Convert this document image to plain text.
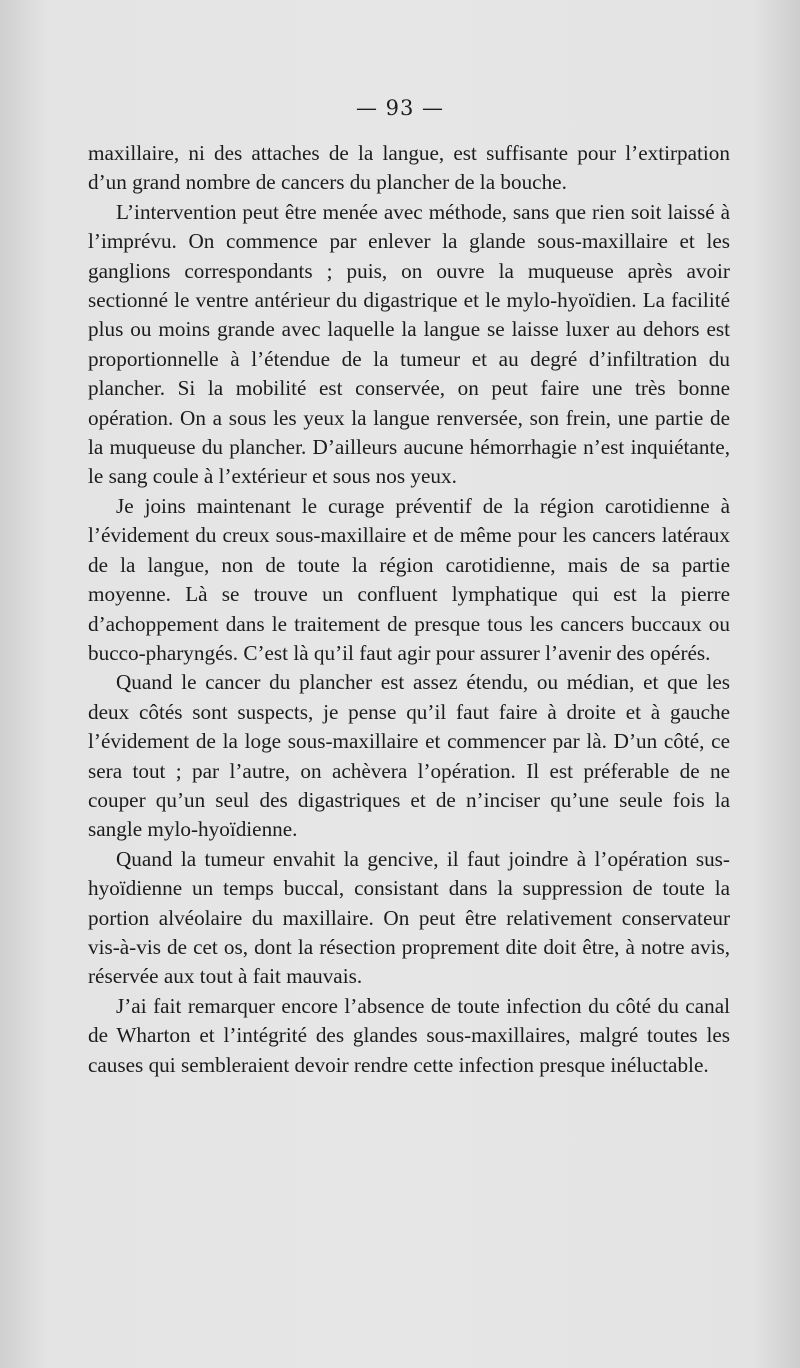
— 93 —

maxillaire, ni des attaches de la langue, est suffisante pour l’extirpation d’un grand nombre de cancers du plancher de la bouche.

L’intervention peut être menée avec méthode, sans que rien soit laissé à l’imprévu. On commence par enlever la glande sous-maxillaire et les ganglions correspondants ; puis, on ouvre la muqueuse après avoir sectionné le ventre antérieur du digastrique et le mylo-hyoïdien. La facilité plus ou moins grande avec laquelle la langue se laisse luxer au dehors est proportionnelle à l’étendue de la tumeur et au degré d’infiltration du plancher. Si la mobilité est conservée, on peut faire une très bonne opération. On a sous les yeux la langue renversée, son frein, une partie de la muqueuse du plancher. D’ailleurs aucune hémorrhagie n’est inquiétante, le sang coule à l’extérieur et sous nos yeux.

Je joins maintenant le curage préventif de la région carotidienne à l’évidement du creux sous-maxillaire et de même pour les cancers latéraux de la langue, non de toute la région carotidienne, mais de sa partie moyenne. Là se trouve un confluent lymphatique qui est la pierre d’achoppement dans le traitement de presque tous les cancers buccaux ou bucco-pharyngés. C’est là qu’il faut agir pour assurer l’avenir des opérés.

Quand le cancer du plancher est assez étendu, ou médian, et que les deux côtés sont suspects, je pense qu’il faut faire à droite et à gauche l’évidement de la loge sous-maxillaire et commencer par là. D’un côté, ce sera tout ; par l’autre, on achèvera l’opération. Il est préferable de ne couper qu’un seul des digastriques et de n’inciser qu’une seule fois la sangle mylo-hyoïdienne.

Quand la tumeur envahit la gencive, il faut joindre à l’opération sus-hyoïdienne un temps buccal, consistant dans la suppression de toute la portion alvéolaire du maxillaire. On peut être relativement conservateur vis-à-vis de cet os, dont la résection proprement dite doit être, à notre avis, réservée aux tout à fait mauvais.

J’ai fait remarquer encore l’absence de toute infection du côté du canal de Wharton et l’intégrité des glandes sous-maxillaires, malgré toutes les causes qui sembleraient devoir rendre cette infection presque inéluctable.
